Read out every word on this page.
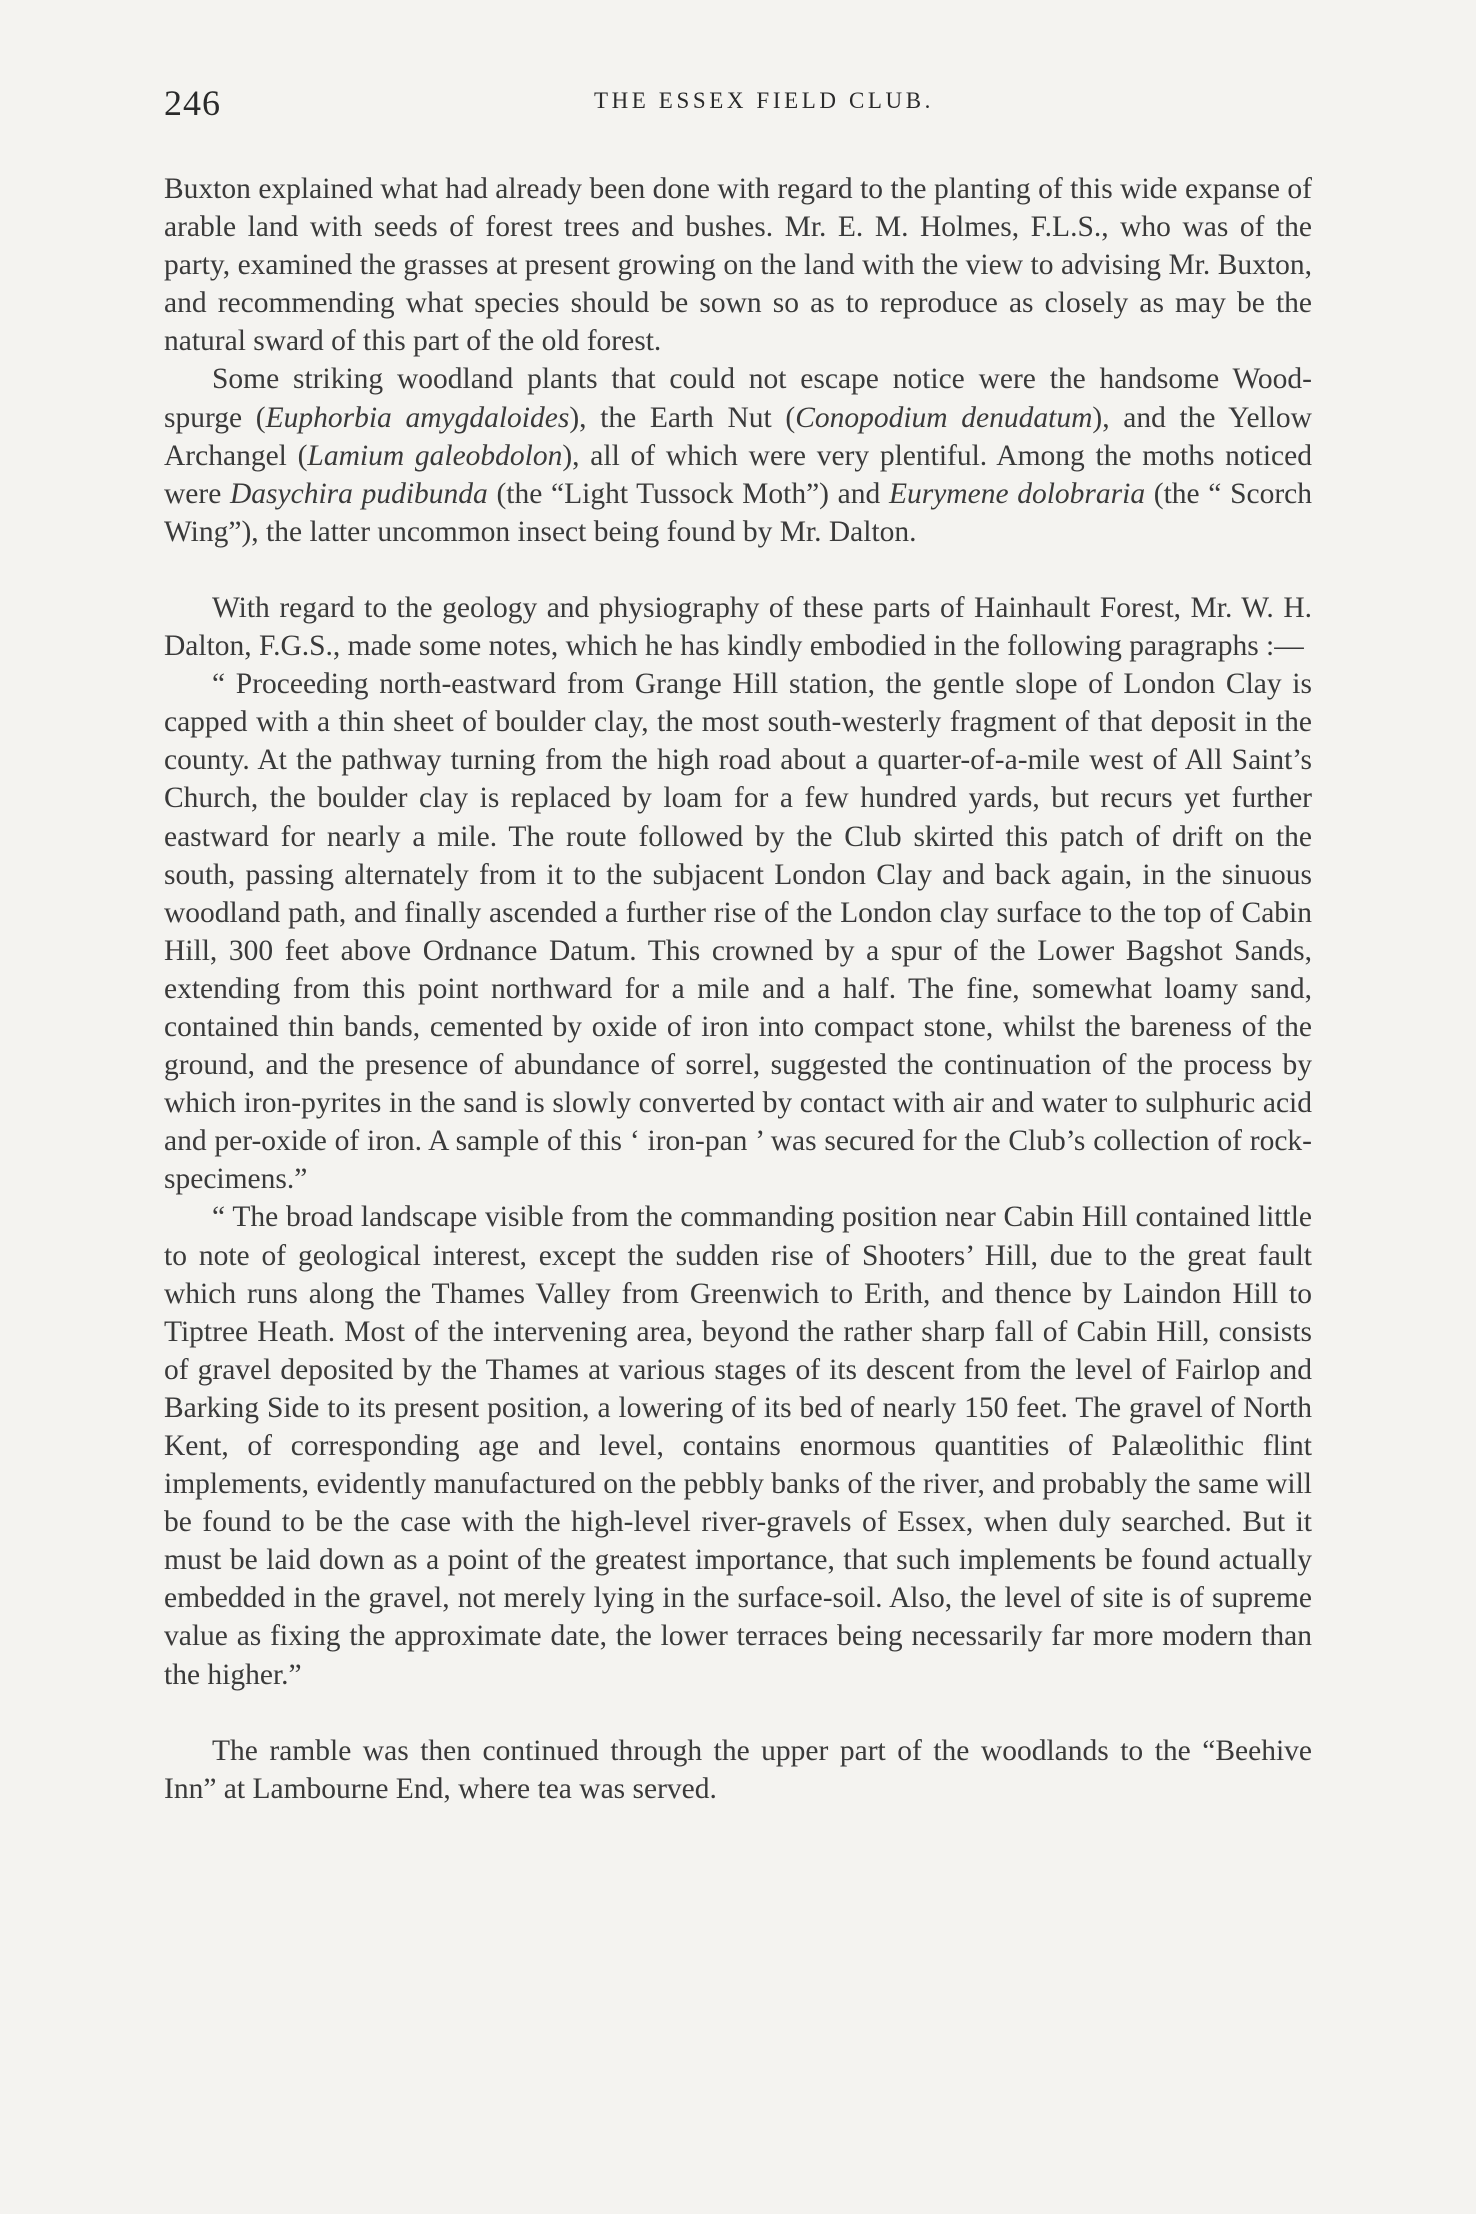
246	THE ESSEX FIELD CLUB.

Buxton explained what had already been done with regard to the planting of this wide expanse of arable land with seeds of forest trees and bushes. Mr. E. M. Holmes, F.L.S., who was of the party, examined the grasses at present growing on the land with the view to advising Mr. Buxton, and recommending what species should be sown so as to reproduce as closely as may be the natural sward of this part of the old forest.

Some striking woodland plants that could not escape notice were the handsome Wood-spurge (Euphorbia amygdaloides), the Earth Nut (Conopodium denudatum), and the Yellow Archangel (Lamium galeobdolon), all of which were very plentiful. Among the moths noticed were Dasychira pudibunda (the “Light Tussock Moth”) and Eurymene dolobraria (the “ Scorch Wing”), the latter uncommon insect being found by Mr. Dalton.

With regard to the geology and physiography of these parts of Hainhault Forest, Mr. W. H. Dalton, F.G.S., made some notes, which he has kindly embodied in the following paragraphs :—

“ Proceeding north-eastward from Grange Hill station, the gentle slope of London Clay is capped with a thin sheet of boulder clay, the most south-westerly fragment of that deposit in the county. At the pathway turning from the high road about a quarter-of-a-mile west of All Saint’s Church, the boulder clay is replaced by loam for a few hundred yards, but recurs yet further eastward for nearly a mile. The route followed by the Club skirted this patch of drift on the south, passing alternately from it to the subjacent London Clay and back again, in the sinuous woodland path, and finally ascended a further rise of the London clay surface to the top of Cabin Hill, 300 feet above Ordnance Datum. This crowned by a spur of the Lower Bagshot Sands, extending from this point northward for a mile and a half. The fine, somewhat loamy sand, contained thin bands, cemented by oxide of iron into compact stone, whilst the bareness of the ground, and the presence of abundance of sorrel, suggested the continuation of the process by which iron-pyrites in the sand is slowly converted by contact with air and water to sulphuric acid and per-oxide of iron. A sample of this ‘ iron-pan ’ was secured for the Club’s collection of rock-specimens.”

“ The broad landscape visible from the commanding position near Cabin Hill contained little to note of geological interest, except the sudden rise of Shooters’ Hill, due to the great fault which runs along the Thames Valley from Greenwich to Erith, and thence by Laindon Hill to Tiptree Heath. Most of the intervening area, beyond the rather sharp fall of Cabin Hill, consists of gravel deposited by the Thames at various stages of its descent from the level of Fairlop and Barking Side to its present position, a lowering of its bed of nearly 150 feet. The gravel of North Kent, of corresponding age and level, contains enormous quantities of Palæolithic flint implements, evidently manufactured on the pebbly banks of the river, and probably the same will be found to be the case with the high-level river-gravels of Essex, when duly searched. But it must be laid down as a point of the greatest importance, that such implements be found actually embedded in the gravel, not merely lying in the surface-soil. Also, the level of site is of supreme value as fixing the approximate date, the lower terraces being necessarily far more modern than the higher.”

The ramble was then continued through the upper part of the woodlands to the “Beehive Inn” at Lambourne End, where tea was served.
